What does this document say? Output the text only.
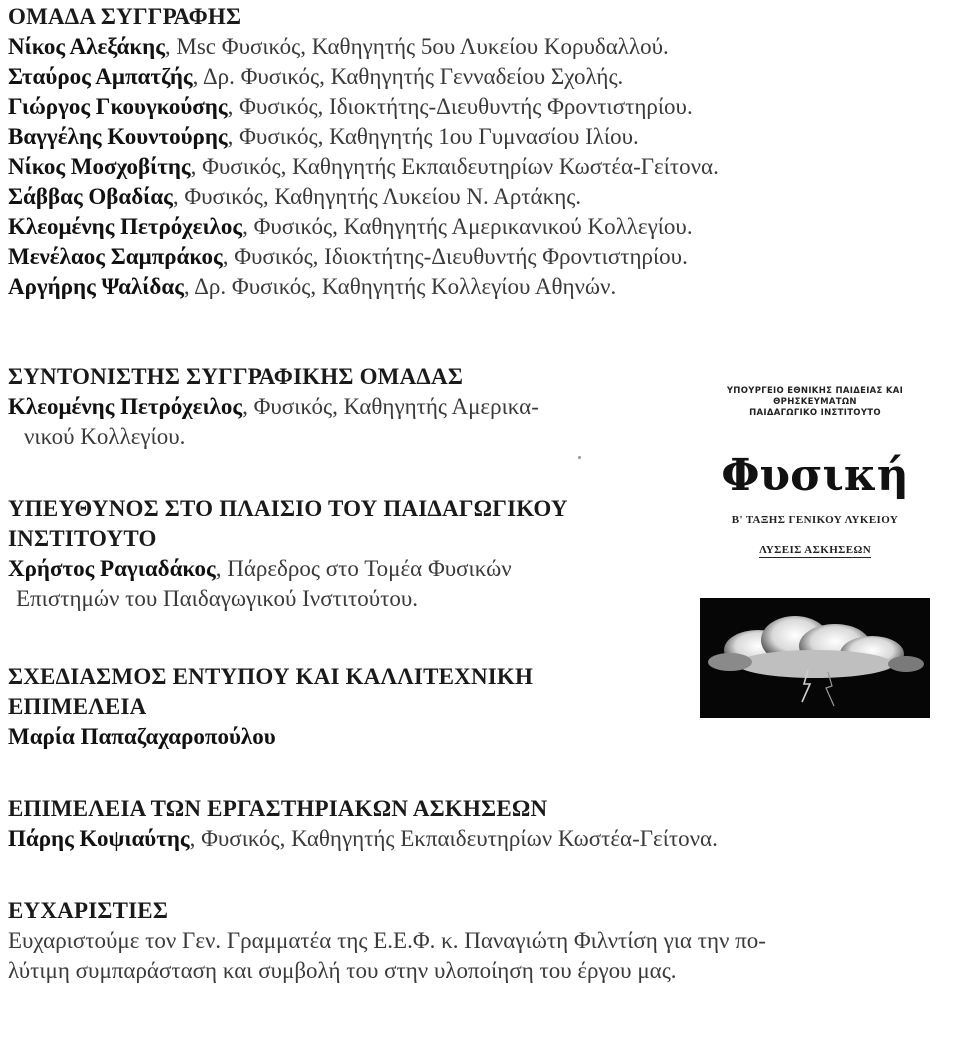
ΟΜΑΔΑ ΣΥΓΓΡΑΦΗΣ
Νίκος Αλεξάκης, Msc Φυσικός, Καθηγητής 5ου Λυκείου Κορυδαλλού.
Σταύρος Αμπατζής, Δρ. Φυσικός, Καθηγητής Γενναδείου Σχολής.
Γιώργος Γκουγκούσης, Φυσικός, Ιδιοκτήτης-Διευθυντής Φροντιστηρίου.
Βαγγέλης Κουντούρης, Φυσικός, Καθηγητής 1ου Γυμνασίου Ιλίου.
Νίκος Μοσχοβίτης, Φυσικός, Καθηγητής Εκπαιδευτηρίων Κωστέα-Γείτονα.
Σάββας Οβαδίας, Φυσικός, Καθηγητής Λυκείου Ν. Αρτάκης.
Κλεομένης Πετρόχειλος, Φυσικός, Καθηγητής Αμερικανικού Κολλεγίου.
Μενέλαος Σαμπράκος, Φυσικός, Ιδιοκτήτης-Διευθυντής Φροντιστηρίου.
Αργήρης Ψαλίδας, Δρ. Φυσικός, Καθηγητής Κολλεγίου Αθηνών.
ΣΥΝΤΟΝΙΣΤΗΣ ΣΥΓΓΡΑΦΙΚΗΣ ΟΜΑΔΑΣ
Κλεομένης Πετρόχειλος, Φυσικός, Καθηγητής Αμερικα-
νικού Κολλεγίου.
ΥΠΕΥΘΥΝΟΣ ΣΤΟ ΠΛΑΙΣΙΟ ΤΟΥ ΠΑΙΔΑΓΩΓΙΚΟΥ
ΙΝΣΤΙΤΟΥΤΟ
Χρήστος Ραγιαδάκος, Πάρεδρος στο Τομέα Φυσικών
Επιστημών του Παιδαγωγικού Ινστιτούτου.
ΣΧΕΔΙΑΣΜΟΣ ΕΝΤΥΠΟΥ ΚΑΙ ΚΑΛΛΙΤΕΧΝΙΚΗ
ΕΠΙΜΕΛΕΙΑ
Μαρία Παπαζαχαροπούλου
ΕΠΙΜΕΛΕΙΑ ΤΩΝ ΕΡΓΑΣΤΗΡΙΑΚΩΝ ΑΣΚΗΣΕΩΝ
Πάρης Κοψιαύτης, Φυσικός, Καθηγητής Εκπαιδευτηρίων Κωστέα-Γείτονα.
ΕΥΧΑΡΙΣΤΙΕΣ
Ευχαριστούμε τον Γεν. Γραμματέα της Ε.Ε.Φ. κ. Παναγιώτη Φιλντίση για την πο-
λύτιμη συμπαράσταση και συμβολή του στην υλοποίηση του έργου μας.
ΥΠΟΥΡΓΕΙΟ ΕΘΝΙΚΗΣ ΠΑΙΔΕΙΑΣ ΚΑΙ
ΘΡΗΣΚΕΥΜΑΤΩΝ
ΠΑΙΔΑΓΩΓΙΚΟ ΙΝΣΤΙΤΟΥΤΟ
Φυσική
Β' ΤΑΞΗΣ ΓΕΝΙΚΟΥ ΛΥΚΕΙΟΥ
ΛΥΣΕΙΣ ΑΣΚΗΣΕΩΝ
